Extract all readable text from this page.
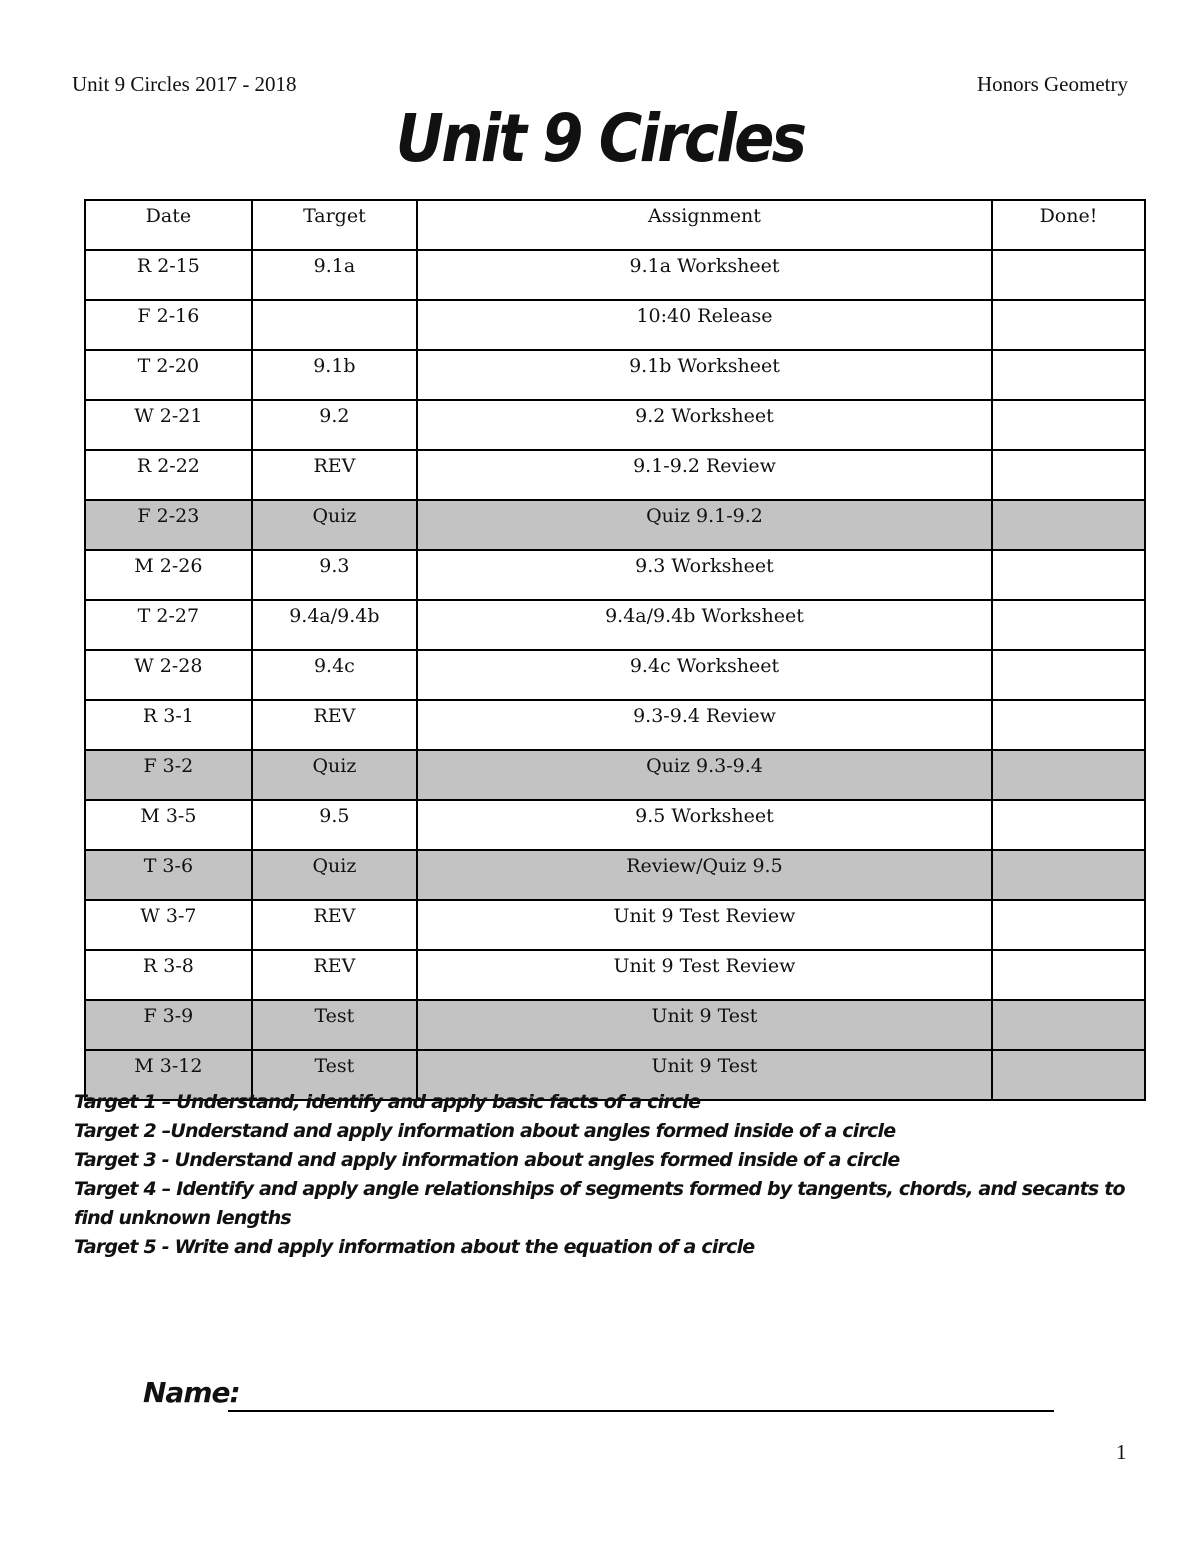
Unit 9 Circles 2017 - 2018	Honors Geometry
Unit 9 Circles
Date	Target	Assignment	Done!
R 2-15	9.1a	9.1a Worksheet	
F 2-16		10:40 Release	
T 2-20	9.1b	9.1b Worksheet	
W 2-21	9.2	9.2 Worksheet	
R 2-22	REV	9.1-9.2 Review	
F 2-23	Quiz	Quiz 9.1-9.2	
M 2-26	9.3	9.3 Worksheet	
T 2-27	9.4a/9.4b	9.4a/9.4b Worksheet	
W 2-28	9.4c	9.4c Worksheet	
R 3-1	REV	9.3-9.4 Review	
F 3-2	Quiz	Quiz 9.3-9.4	
M 3-5	9.5	9.5 Worksheet	
T 3-6	Quiz	Review/Quiz 9.5	
W 3-7	REV	Unit 9 Test Review	
R 3-8	REV	Unit 9 Test Review	
F 3-9	Test	Unit 9 Test	
M 3-12	Test	Unit 9 Test	
Target 1 – Understand, identify and apply basic facts of a circle
Target 2 –Understand and apply information about angles formed inside of a circle
Target 3 - Understand and apply information about angles formed inside of a circle
Target 4 – Identify and apply angle relationships of segments formed by tangents, chords, and secants to find unknown lengths
Target 5 - Write and apply information about the equation of a circle
Name:
1
